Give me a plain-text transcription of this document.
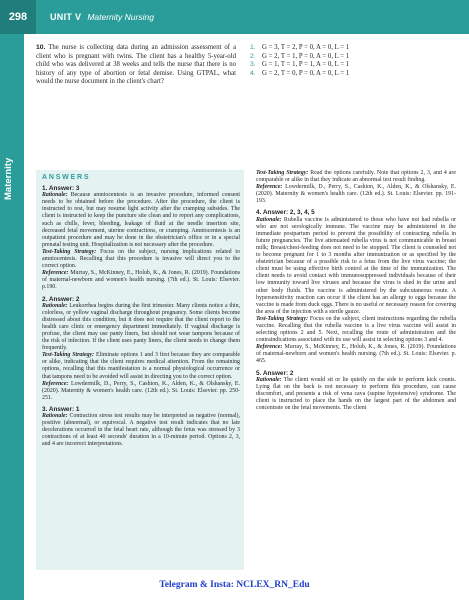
298	UNIT V Maternity Nursing
Maternity
10. The nurse is collecting data during an admission assessment of a client who is pregnant with twins. The client has a healthy 5-year-old child who was delivered at 38 weeks and tells the nurse that there is no history of any type of abortion or fetal demise. Using GTPAL, what would the nurse document in the client's chart?
1. G = 3, T = 2, P = 0, A = 0, L = 1
2. G = 2, T = 1, P = 0, A = 0, L = 1
3. G = 1, T = 1, P = 1, A = 0, L = 1
4. G = 2, T = 0, P = 0, A = 0, L = 1
ANSWERS
1. Answer: 3

Rationale: Because amniocentesis is an invasive procedure, informed consent needs to be obtained before the procedure. After the procedure, the client is instructed to rest, but may resume light activity after the cramping subsides. The client is instructed to keep the puncture site clean and to report any complications, such as chills, fever, bleeding, leakage of fluid at the needle insertion site, decreased fetal movement, uterine contractions, or cramping. Amniocentesis is an outpatient procedure and may be done in the obstetrician's office or in a special prenatal testing unit. Hospitalization is not necessary after the procedure.

Test-Taking Strategy: Focus on the subject, nursing implications related to amniocentesis. Recalling that this procedure is invasive will direct you to the correct option.

Reference: Murray, S., McKinney, E., Holub, K., & Jones, R. (2019). Foundations of maternal-newborn and women's health nursing. (7th ed.). St. Louis: Elsevier. p.190.

2. Answer: 2

Rationale: Leukorrhea begins during the first trimester. Many clients notice a thin, colorless, or yellow vaginal discharge throughout pregnancy. Some clients become distressed about this condition, but it does not require that the client report to the health care clinic or emergency department immediately. If vaginal discharge is profuse, the client may use panty liners, but should not wear tampons because of the risk of infection. If the client uses panty liners, the client needs to change them frequently.

Test-Taking Strategy: Eliminate options 1 and 3 first because they are comparable or alike, indicating that the client requires medical attention. From the remaining options, recalling that this manifestation is a normal physiological occurrence or that tampons need to be avoided will assist in directing you to the correct option.

Reference: Lowdermilk, D., Perry, S., Cashion, K., Alden, K., & Olshansky, E. (2020). Maternity & women's health care. (12th ed.). St. Louis: Elsevier. pp. 250-251.

3. Answer: 1

Rationale: Contraction stress test results may be interpreted as negative (normal), positive (abnormal), or equivocal. A negative test result indicates that no late decelerations occurred in the fetal heart rate, although the fetus was stressed by 3 contractions of at least 40 seconds' duration in a 10-minute period. Options 2, 3, and 4 are incorrect interpretations.

Test-Taking Strategy: Read the options carefully. Note that options 2, 3, and 4 are comparable or alike in that they indicate an abnormal test result finding.

Reference: Lowdermilk, D., Perry, S., Cashion, K., Alden, K., & Olshansky, E. (2020). Maternity & women's health care. (12th ed.). St. Louis: Elsevier. pp. 191-193.

4. Answer: 2, 3, 4, 5

Rationale: Rubella vaccine is administered to those who have not had rubella or who are not serologically immune. The vaccine may be administered in the immediate postpartum period to prevent the possibility of contracting rubella in future pregnancies. The live attenuated rubella virus is not communicable in breast milk; Breast/chest-feeding does not need to be stopped. The client is counseled not to become pregnant for 1 to 3 months after immunization or as specified by the obstetrician because of a possible risk to a fetus from the live virus vaccine; the client must be using effective birth control at the time of the immunization. The client needs to avoid contact with immunosuppressed individuals because of their low immunity toward live viruses and because the virus is shed in the urine and other body fluids. The vaccine is administered by the subcutaneous route. A hypersensitivity reaction can occur if the client has an allergy to eggs because the vaccine is made from duck eggs. There is no useful or necessary reason for covering the area of the injection with a sterile gauze.

Test-Taking Strategy: Focus on the subject, client instructions regarding the rubella vaccine. Recalling that the rubella vaccine is a live virus vaccine will assist in selecting options 2 and 5. Next, recalling the route of administration and the contraindications associated with its use will assist in selecting options 3 and 4.

Reference: Murray, S., McKinney, E., Holub, K., & Jones, R. (2019). Foundations of maternal-newborn and women's health nursing. (7th ed.). St. Louis: Elsevier. p. 465.

5. Answer: 2

Rationale: The client would sit or lie quietly on the side to perform kick counts. Lying flat on the back is not necessary to perform this procedure, can cause discomfort, and presents a risk of vena cava (supine hypotensive) syndrome. The client is instructed to place the hands on the largest part of the abdomen and concentrate on the fetal movements. The client

Telegram & Insta: NCLEX_RN_Edu
